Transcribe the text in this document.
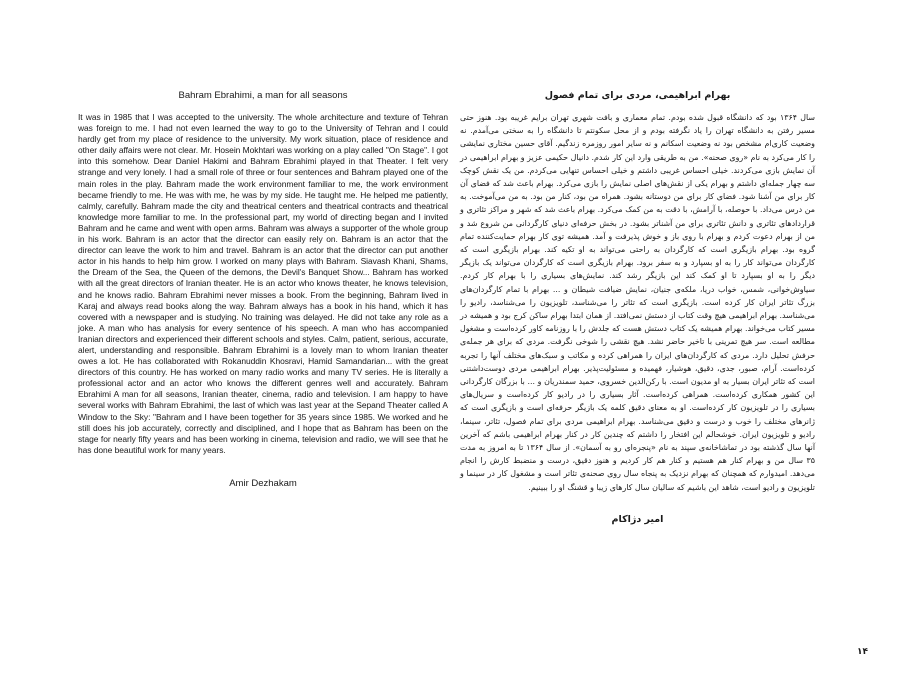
Bahram Ebrahimi, a man for all seasons

It was in 1985 that I was accepted to the university. The whole architecture and texture of Tehran was foreign to me. I had not even learned the way to go to the University of Tehran and I could hardly get from my place of residence to the university. My work situation, place of residence and other daily affairs were not clear. Mr. Hosein Mokhtari was working on a play called "On Stage". I got into this somehow. Dear Daniel Hakimi and Bahram Ebrahimi played in that Theater. I felt very strange and very lonely. I had a small role of three or four sentences and Bahram played one of the main roles in the play. Bahram made the work environment familiar to me, the work environment became friendly to me. He was with me, he was by my side. He taught me. He helped me patiently, calmly, carefully. Bahram made the city and theatrical centers and theatrical contracts and theatrical knowledge more familiar to me. In the professional part, my world of directing began and I invited Bahram and he came and went with open arms. Bahram was always a supporter of the whole group in his work. Bahram is an actor that the director can easily rely on. Bahram is an actor that the director can leave the work to him and travel. Bahram is an actor that the director can put another actor in his hands to help him grow. I worked on many plays with Bahram. Siavash Khani, Shams, the Dream of the Sea, the Queen of the demons, the Devil's Banquet Show... Bahram has worked with all the great directors of Iranian theater. He is an actor who knows theater, he knows television, and he knows radio. Bahram Ebrahimi never misses a book. From the beginning, Bahram lived in Karaj and always read books along the way. Bahram always has a book in his hand, which it has covered with a newspaper and is studying. No training was delayed. He did not take any role as a joke. A man who has analysis for every sentence of his speech. A man who has accompanied Iranian directors and experienced their different schools and styles. Calm, patient, serious, accurate, alert, understanding and responsible. Bahram Ebrahimi is a lovely man to whom Iranian theater owes a lot. He has collaborated with Rokanuddin Khosravi, Hamid Samandarian... with the great directors of this country. He has worked on many radio works and many TV series. He is literally a professional actor and an actor who knows the different genres well and accurately. Bahram Ebrahimi A man for all seasons, Iranian theater, cinema, radio and television. I am happy to have several works with Bahram Ebrahimi, the last of which was last year at the Sepand Theater called A Window to the Sky: "Bahram and I have been together for 35 years since 1985. We worked and he still does his job accurately, correctly and disciplined, and I hope that as Bahram has been on the stage for nearly fifty years and has been working in cinema, television and radio, we will see that he has done beautiful work for many years.

Amir Dezhakam
بهرام ابراهیمی، مردی برای تمام فصول

سال ۱۳۶۴ بود که دانشگاه قبول شده بودم. تمام معماری و بافت شهری تهران برایم غریبه بود. هنوز حتی مسیر رفتن به دانشگاه تهران را یاد نگرفته بودم و از محل سکونتم تا دانشگاه را به سختی می‌آمدم. نه وضعیت کاری‌ام مشخص بود نه وضعیت اسکانم و نه سایر امور روزمره زندگیم. آقای حسین مختاری نمایشی را کار می‌کرد به نام «روی صحنه». من به طریقی وارد این کار شدم. دانیال حکیمی عزیز و بهرام ابراهیمی در آن نمایش بازی می‌کردند. خیلی احساس غریبی داشتم و خیلی احساس تنهایی می‌کردم. من یک نقش کوچک سه چهار جمله‌ای داشتم و بهرام یکی از نقش‌های اصلی نمایش را بازی می‌کرد. بهرام باعث شد که فضای آن کار برای من آشنا شود. فضای کار برای من دوستانه بشود. همراه من بود، کنار من بود. به من می‌آموخت. به من درس می‌داد. با حوصله، با آرامش، با دقت به من کمک می‌کرد. بهرام باعث شد که شهر و مراکز تئاتری و قراردادهای تئاتری و دانش تئاتری برای من آشناتر بشود. در بخش حرفه‌ای دنیای کارگردانی من شروع شد و من از بهرام دعوت کردم و بهرام با روی باز و خوش پذیرفت و آمد. همیشه توی کار بهرام حمایت‌کننده تمام گروه بود. بهرام بازیگری است که کارگردان به راحتی می‌تواند به او تکیه کند. بهرام بازیگری است که کارگردان می‌تواند کار را به او بسپارد و به سفر برود. بهرام بازیگری است که کارگردان می‌تواند یک بازیگر دیگر را به او بسپارد تا او کمک کند این بازیگر رشد کند. نمایش‌های بسیاری را با بهرام کار کردم. سیاوش‌خوانی، شمس، خواب دریا، ملکه‌ی جنیان، نمایش ضیافت شیطان و ... بهرام با تمام کارگردان‌های بزرگ تئاتر ایران کار کرده است. بازیگری است که تئاتر را می‌شناسد، تلویزیون را می‌شناسد، رادیو را می‌شناسد. بهرام ابراهیمی هیچ وقت کتاب از دستش نمی‌افتد. از همان ابتدا بهرام ساکن کرج بود و همیشه در مسیر کتاب می‌خواند. بهرام همیشه یک کتاب دستش هست که جلدش را با روزنامه کاور کرده‌است و مشغول مطالعه است. سر هیچ تمرینی با تاخیر حاضر نشد. هیچ نقشی را شوخی نگرفت. مردی که برای هر جمله‌ی حرفش تحلیل دارد. مردی که کارگردان‌های ایران را همراهی کرده و مکاتب و سبک‌های مختلف آنها را تجربه کرده‌است. آرام، صبور، جدی، دقیق، هوشیار، فهمیده و مسئولیت‌پذیر. بهرام ابراهیمی مردی دوست‌داشتنی است که تئاتر ایران بسیار به او مدیون است. با رکن‌الدین خسروی، حمید سمندریان و ... با بزرگان کارگردانی این کشور همکاری کرده‌است. همراهی کرده‌است. آثار بسیاری را در رادیو کار کرده‌است و سریال‌های بسیاری را در تلویزیون کار کرده‌است. او به معنای دقیق کلمه یک بازیگر حرفه‌ای است و بازیگری است که ژانرهای مختلف را خوب و درست و دقیق می‌شناسد. بهرام ابراهیمی مردی برای تمام فصول، تئاتر، سینما، رادیو و تلویزیون ایران. خوشحالم این افتخار را داشتم که چندین کار در کنار بهرام ابراهیمی باشم که آخرین آنها سال گذشته بود در تماشاخانه‌ی سپند به نام «پنجره‌ای رو به آسمان». از سال ۱۳۶۴ تا به امروز به مدت ۳۵ سال من و بهرام کنار هم هستیم و کنار هم کار کردیم و هنوز دقیق، درست و منضبط کارش را انجام می‌دهد. امیدوارم که همچنان که بهرام نزدیک به پنجاه سال روی صحنه‌ی تئاتر است و مشغول کار در سینما و تلویزیون و رادیو است، شاهد این باشیم که سالیان سال کارهای زیبا و قشنگ او را ببینیم.

امیر دژاکام
۱۴
